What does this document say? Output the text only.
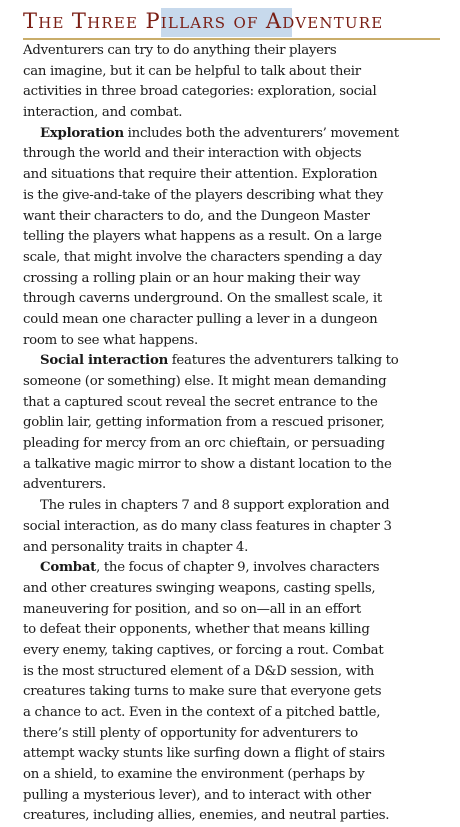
THE THREE PILLARS OF ADVENTURE
Adventurers can try to do anything their players
can imagine, but it can be helpful to talk about their
activities in three broad categories: exploration, social
interaction, and combat.
Exploration includes both the adventurers’ movement
through the world and their interaction with objects
and situations that require their attention. Exploration
is the give-and-take of the players describing what they
want their characters to do, and the Dungeon Master
telling the players what happens as a result. On a large
scale, that might involve the characters spending a day
crossing a rolling plain or an hour making their way
through caverns underground. On the smallest scale, it
could mean one character pulling a lever in a dungeon
room to see what happens.
Social interaction features the adventurers talking to
someone (or something) else. It might mean demanding
that a captured scout reveal the secret entrance to the
goblin lair, getting information from a rescued prisoner,
pleading for mercy from an orc chieftain, or persuading
a talkative magic mirror to show a distant location to the
adventurers.
The rules in chapters 7 and 8 support exploration and
social interaction, as do many class features in chapter 3
and personality traits in chapter 4.
Combat, the focus of chapter 9, involves characters
and other creatures swinging weapons, casting spells,
maneuvering for position, and so on—all in an effort
to defeat their opponents, whether that means killing
every enemy, taking captives, or forcing a rout. Combat
is the most structured element of a D&D session, with
creatures taking turns to make sure that everyone gets
a chance to act. Even in the context of a pitched battle,
there’s still plenty of opportunity for adventurers to
attempt wacky stunts like surfing down a flight of stairs
on a shield, to examine the environment (perhaps by
pulling a mysterious lever), and to interact with other
creatures, including allies, enemies, and neutral parties.
